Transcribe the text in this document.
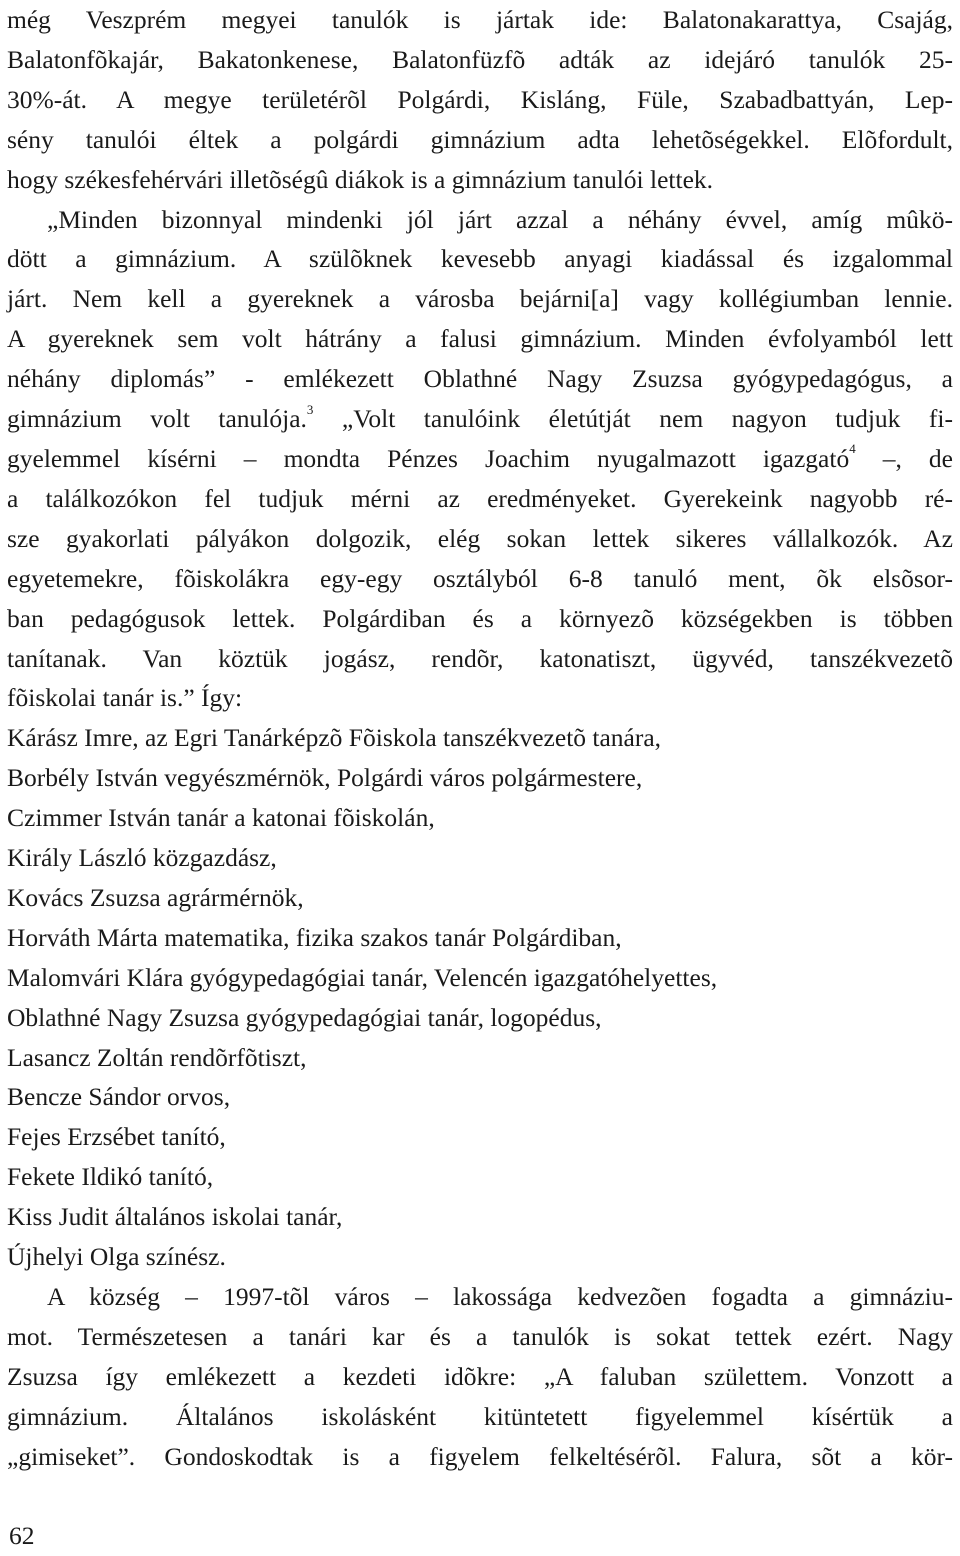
még Veszprém megyei tanulók is jártak ide: Balatonakarattya, Csajág,
Balatonfõkajár, Bakatonkenese, Balatonfüzfõ adták az idejáró tanulók 25-
30%-át. A megye területérõl Polgárdi, Kisláng, Füle, Szabadbattyán, Lep-
sény tanulói éltek a polgárdi gimnázium adta lehetõségekkel. Elõfordult,
hogy székesfehérvári illetõségû diákok is a gimnázium tanulói lettek.
„Minden bizonnyal mindenki jól járt azzal a néhány évvel, amíg mûkö-
dött a gimnázium. A szülõknek kevesebb anyagi kiadással és izgalommal
járt. Nem kell a gyereknek a városba bejárni[a] vagy kollégiumban lennie.
A gyereknek sem volt hátrány a falusi gimnázium. Minden évfolyamból lett
néhány diplomás” - emlékezett Oblathné Nagy Zsuzsa gyógypedagógus, a
gimnázium volt tanulója.$^3$ „Volt tanulóink életútját nem nagyon tudjuk fi-
gyelemmel kísérni – mondta Pénzes Joachim nyugalmazott igazgató$^4$ –, de
a találkozókon fel tudjuk mérni az eredményeket. Gyerekeink nagyobb ré-
sze gyakorlati pályákon dolgozik, elég sokan lettek sikeres vállalkozók. Az
egyetemekre, fõiskolákra egy-egy osztályból 6-8 tanuló ment, õk elsõsor-
ban pedagógusok lettek. Polgárdiban és a környezõ községekben is többen
tanítanak. Van köztük jogász, rendõr, katonatiszt, ügyvéd, tanszékvezetõ
fõiskolai tanár is.” Így:
Kárász Imre, az Egri Tanárképzõ Fõiskola tanszékvezetõ tanára,
Borbély István vegyészmérnök, Polgárdi város polgármestere,
Czimmer István tanár a katonai fõiskolán,
Király László közgazdász,
Kovács Zsuzsa agrármérnök,
Horváth Márta matematika, fizika szakos tanár Polgárdiban,
Malomvári Klára gyógypedagógiai tanár, Velencén igazgatóhelyettes,
Oblathné Nagy Zsuzsa gyógypedagógiai tanár, logopédus,
Lasancz Zoltán rendõrfõtiszt,
Bencze Sándor orvos,
Fejes Erzsébet tanító,
Fekete Ildikó tanító,
Kiss Judit általános iskolai tanár,
Újhelyi Olga színész.
A község – 1997-tõl város – lakossága kedvezõen fogadta a gimnáziu-
mot. Természetesen a tanári kar és a tanulók is sokat tettek ezért. Nagy
Zsuzsa így emlékezett a kezdeti idõkre: „A faluban születtem. Vonzott a
gimnázium. Általános iskolásként kitüntetett figyelemmel kísértük a
„gimiseket”. Gondoskodtak is a figyelem felkeltésérõl. Falura, sõt a kör-
62
